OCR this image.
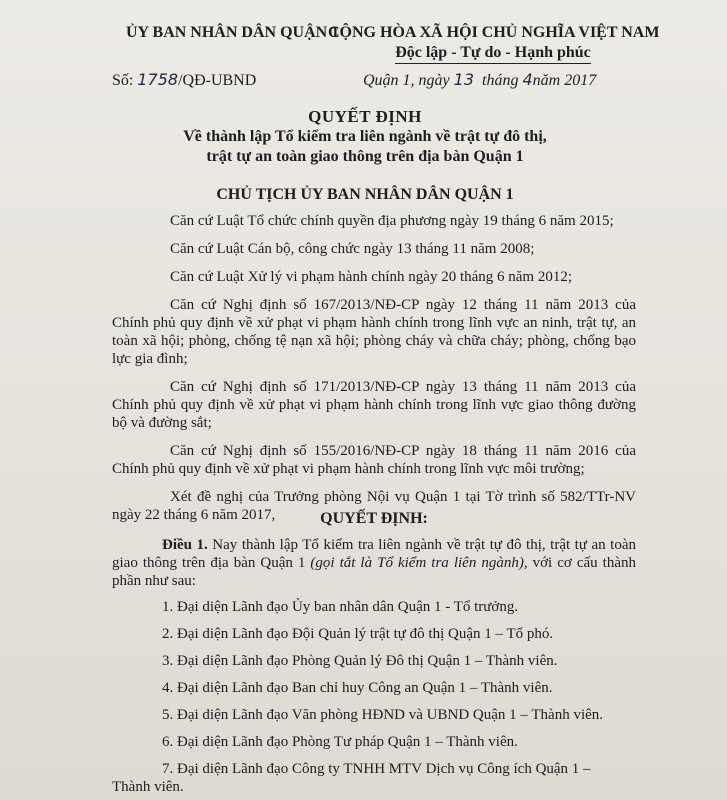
ỦY BAN NHÂN DÂN QUẬN 1
CỘNG HÒA XÃ HỘI CHỦ NGHĨA VIỆT NAM
Độc lập - Tự do - Hạnh phúc
Số: 1758/QĐ-UBND	Quận 1, ngày 13 tháng 4năm 2017
QUYẾT ĐỊNH
Về thành lập Tổ kiểm tra liên ngành về trật tự đô thị,
trật tự an toàn giao thông trên địa bàn Quận 1
CHỦ TỊCH ỦY BAN NHÂN DÂN QUẬN 1

Căn cứ Luật Tổ chức chính quyền địa phương ngày 19 tháng 6 năm 2015;

Căn cứ Luật Cán bộ, công chức ngày 13 tháng 11 năm 2008;

Căn cứ Luật Xử lý vi phạm hành chính ngày 20 tháng 6 năm 2012;

Căn cứ Nghị định số 167/2013/NĐ-CP ngày 12 tháng 11 năm 2013 của Chính phủ quy định về xử phạt vi phạm hành chính trong lĩnh vực an ninh, trật tự, an toàn xã hội; phòng, chống tệ nạn xã hội; phòng cháy và chữa cháy; phòng, chống bạo lực gia đình;

Căn cứ Nghị định số 171/2013/NĐ-CP ngày 13 tháng 11 năm 2013 của Chính phủ quy định về xử phạt vi phạm hành chính trong lĩnh vực giao thông đường bộ và đường sắt;

Căn cứ Nghị định số 155/2016/NĐ-CP ngày 18 tháng 11 năm 2016 của Chính phủ quy định về xử phạt vi phạm hành chính trong lĩnh vực môi trường;

Xét đề nghị của Trưởng phòng Nội vụ Quận 1 tại Tờ trình số 582/TTr-NV ngày 22 tháng 6 năm 2017,	QUYẾT ĐỊNH:
Điều 1. Nay thành lập Tổ kiểm tra liên ngành về trật tự đô thị, trật tự an toàn giao thông trên địa bàn Quận 1 (gọi tắt là Tổ kiểm tra liên ngành), với cơ cấu thành phần như sau:
1. Đại diện Lãnh đạo Ủy ban nhân dân Quận 1 - Tổ trưởng.
2. Đại diện Lãnh đạo Đội Quản lý trật tự đô thị Quận 1 – Tổ phó.
3. Đại diện Lãnh đạo Phòng Quản lý Đô thị Quận 1 – Thành viên.
4. Đại diện Lãnh đạo Ban chỉ huy Công an Quận 1 – Thành viên.
5. Đại diện Lãnh đạo Văn phòng HĐND và UBND Quận 1 – Thành viên.
6. Đại diện Lãnh đạo Phòng Tư pháp Quận 1 – Thành viên.
7. Đại diện Lãnh đạo Công ty TNHH MTV Dịch vụ Công ích Quận 1 –
Thành viên.
